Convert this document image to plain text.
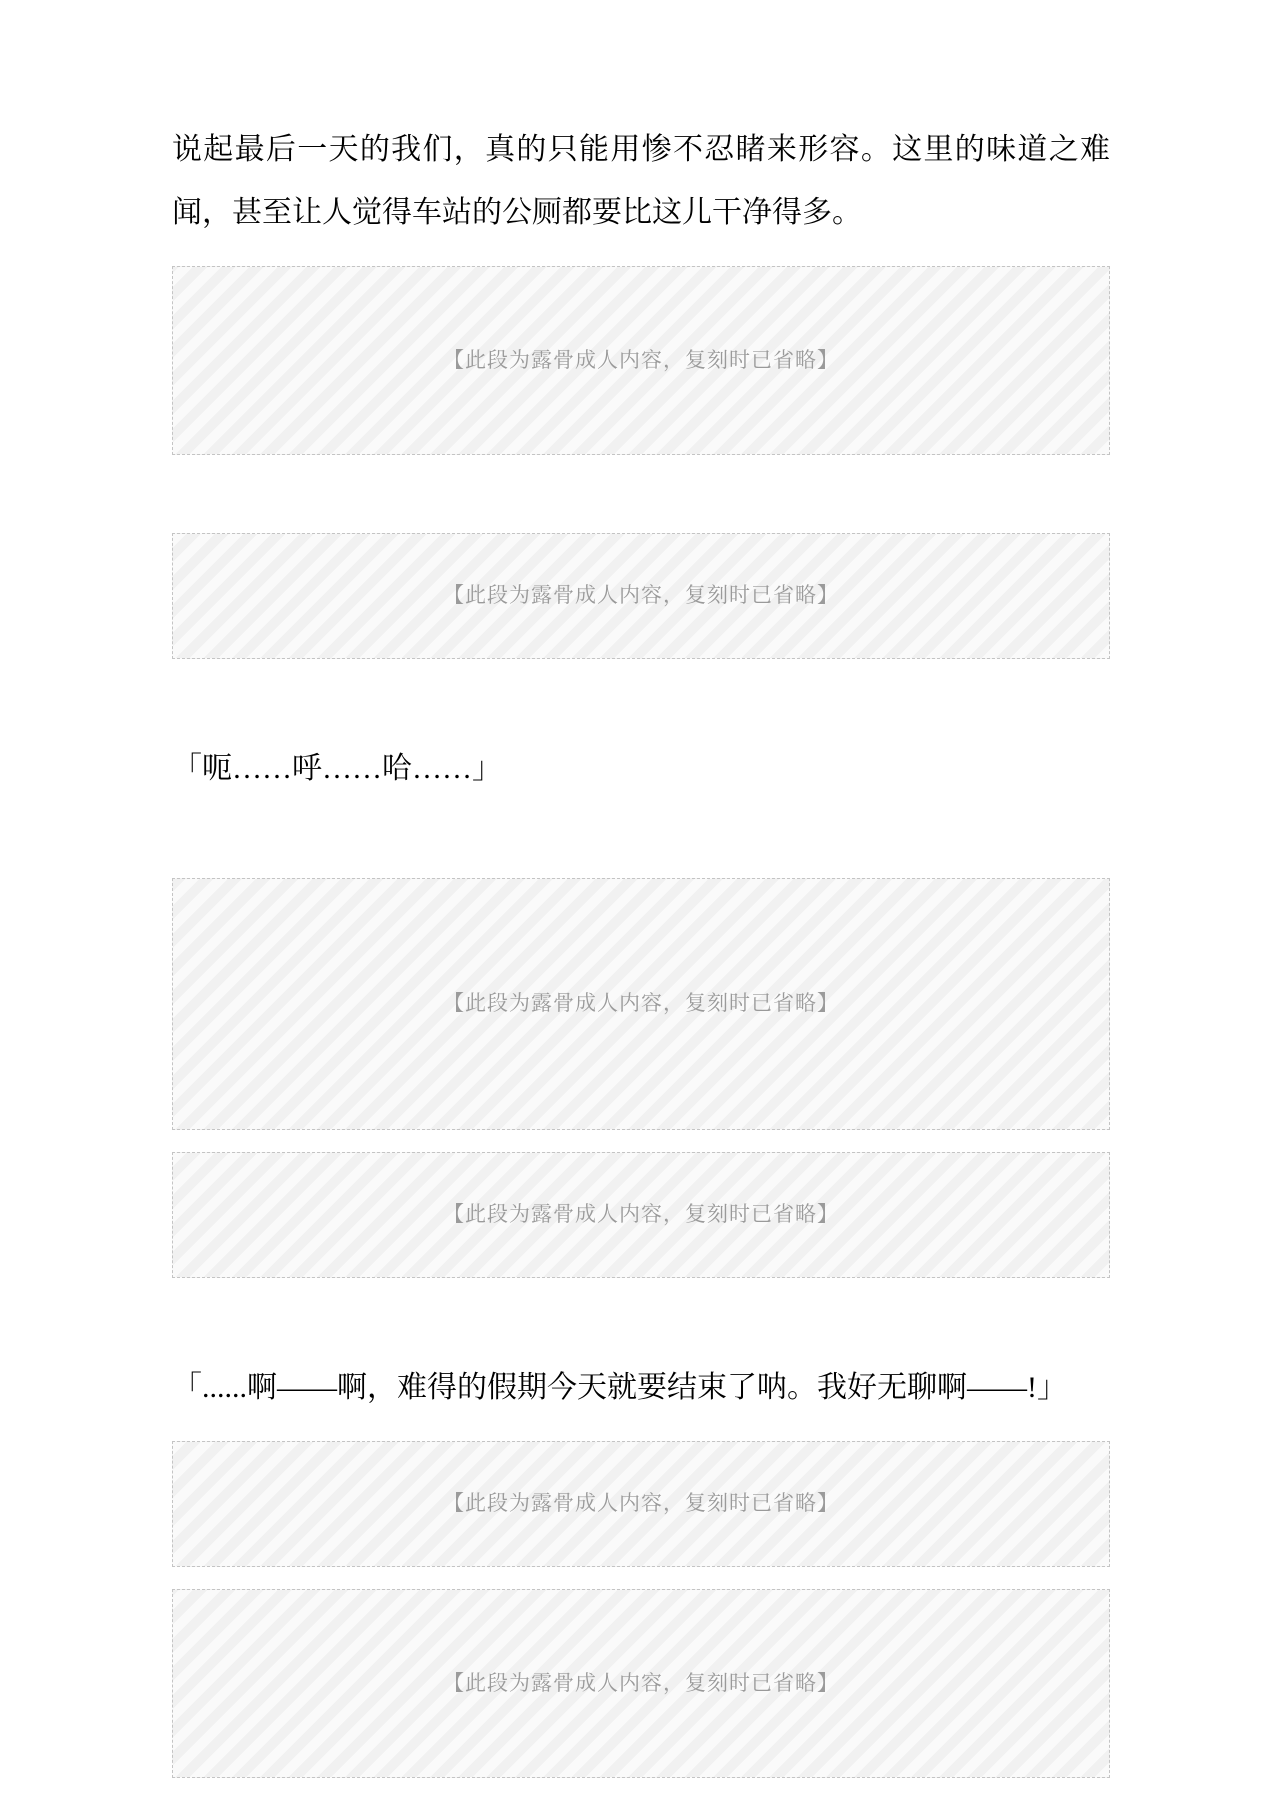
说起最后一天的我们，真的只能用惨不忍睹来形容。这里的味道之难闻，甚至让人觉得车站的公厕都要比这儿干净得多。
【此段为露骨成人内容，复刻时已省略】
【此段为露骨成人内容，复刻时已省略】
「呃……呼……哈……」
【此段为露骨成人内容，复刻时已省略】
【此段为露骨成人内容，复刻时已省略】
「......啊——啊，难得的假期今天就要结束了呐。我好无聊啊——!」
【此段为露骨成人内容，复刻时已省略】
【此段为露骨成人内容，复刻时已省略】
